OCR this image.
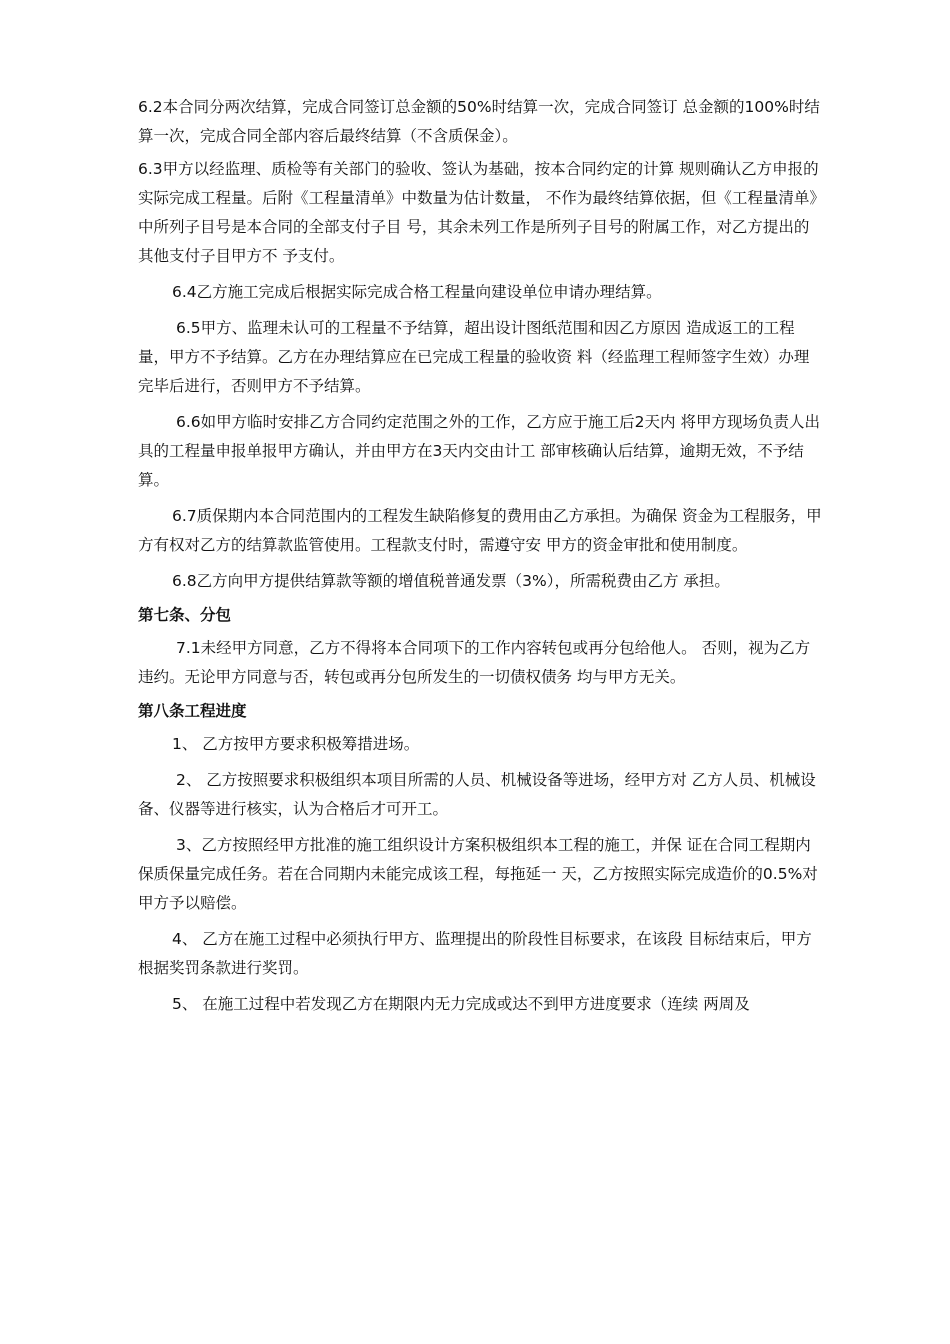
6.2本合同分两次结算，完成合同签订总金额的50%时结算一次，完成合同签订 总金额的100%时结算一次，完成合同全部内容后最终结算（不含质保金）。

6.3甲方以经监理、质检等有关部门的验收、签认为基础，按本合同约定的计算 规则确认乙方申报的实际完成工程量。后附《工程量清单》中数量为估计数量， 不作为最终结算依据，但《工程量清单》中所列子目号是本合同的全部支付子目 号，其余未列工作是所列子目号的附属工作，对乙方提出的其他支付子目甲方不 予支付。

6.4乙方施工完成后根据实际完成合格工程量向建设单位申请办理结算。

6.5甲方、监理未认可的工程量不予结算，超出设计图纸范围和因乙方原因 造成返工的工程量，甲方不予结算。乙方在办理结算应在已完成工程量的验收资 料（经监理工程师签字生效）办理完毕后进行，否则甲方不予结算。

6.6如甲方临时安排乙方合同约定范围之外的工作，乙方应于施工后2天内 将甲方现场负责人出具的工程量申报单报甲方确认，并由甲方在3天内交由计工 部审核确认后结算，逾期无效，不予结算。

6.7质保期内本合同范围内的工程发生缺陷修复的费用由乙方承担。为确保 资金为工程服务，甲方有权对乙方的结算款监管使用。工程款支付时，需遵守安 甲方的资金审批和使用制度。

6.8乙方向甲方提供结算款等额的增值税普通发票（3%），所需税费由乙方 承担。

第七条、分包

7.1未经甲方同意，乙方不得将本合同项下的工作内容转包或再分包给他人。 否则，视为乙方违约。无论甲方同意与否，转包或再分包所发生的一切债权债务 均与甲方无关。

第八条工程进度

1、 乙方按甲方要求积极筹措进场。

2、 乙方按照要求积极组织本项目所需的人员、机械设备等进场，经甲方对 乙方人员、机械设备、仪器等进行核实，认为合格后才可开工。

3、乙方按照经甲方批准的施工组织设计方案积极组织本工程的施工，并保 证在合同工程期内保质保量完成任务。若在合同期内未能完成该工程，每拖延一 天，乙方按照实际完成造价的0.5%对甲方予以赔偿。

4、 乙方在施工过程中必须执行甲方、监理提出的阶段性目标要求，在该段 目标结束后，甲方根据奖罚条款进行奖罚。

5、 在施工过程中若发现乙方在期限内无力完成或达不到甲方进度要求（连续 两周及
